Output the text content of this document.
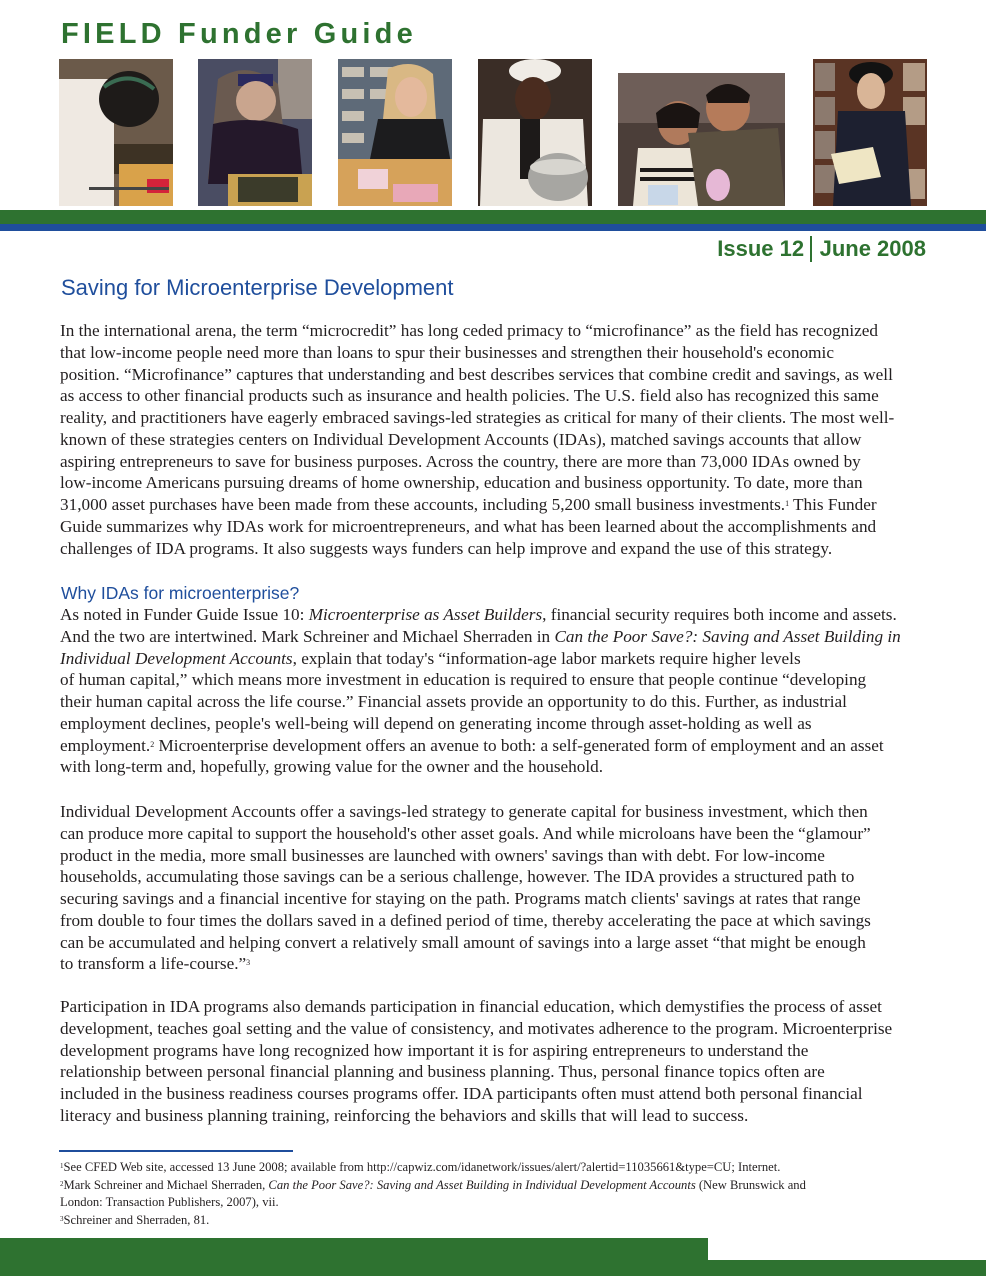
FIELD Funder Guide
Issue 12 June 2008
Saving for Microenterprise Development

In the international arena, the term “microcredit” has long ceded primacy to “microfinance” as the field has recognized
that low-income people need more than loans to spur their businesses and strengthen their household's economic
position. “Microfinance” captures that understanding and best describes services that combine credit and savings, as well
as access to other financial products such as insurance and health policies. The U.S. field also has recognized this same
reality, and practitioners have eagerly embraced savings-led strategies as critical for many of their clients. The most well-
known of these strategies centers on Individual Development Accounts (IDAs), matched savings accounts that allow
aspiring entrepreneurs to save for business purposes. Across the country, there are more than 73,000 IDAs owned by
low-income Americans pursuing dreams of home ownership, education and business opportunity. To date, more than
31,000 asset purchases have been made from these accounts, including 5,200 small business investments.$^1$ This Funder
Guide summarizes why IDAs work for microentrepreneurs, and what has been learned about the accomplishments and
challenges of IDA programs. It also suggests ways funders can help improve and expand the use of this strategy.

Why IDAs for microenterprise?

As noted in Funder Guide Issue 10: Microenterprise as Asset Builders, financial security requires both income and assets.
And the two are intertwined. Mark Schreiner and Michael Sherraden in Can the Poor Save?: Saving and Asset Building in
Individual Development Accounts, explain that today's “information-age labor markets require higher levels
of human capital,” which means more investment in education is required to ensure that people continue “developing
their human capital across the life course.” Financial assets provide an opportunity to do this. Further, as industrial
employment declines, people's well-being will depend on generating income through asset-holding as well as
employment.$^2$ Microenterprise development offers an avenue to both: a self-generated form of employment and an asset
with long-term and, hopefully, growing value for the owner and the household.

Individual Development Accounts offer a savings-led strategy to generate capital for business investment, which then
can produce more capital to support the household's other asset goals. And while microloans have been the “glamour”
product in the media, more small businesses are launched with owners' savings than with debt. For low-income
households, accumulating those savings can be a serious challenge, however. The IDA provides a structured path to
securing savings and a financial incentive for staying on the path. Programs match clients' savings at rates that range
from double to four times the dollars saved in a defined period of time, thereby accelerating the pace at which savings
can be accumulated and helping convert a relatively small amount of savings into a large asset “that might be enough
to transform a life-course.”$^3$

Participation in IDA programs also demands participation in financial education, which demystifies the process of asset
development, teaches goal setting and the value of consistency, and motivates adherence to the program. Microenterprise
development programs have long recognized how important it is for aspiring entrepreneurs to understand the
relationship between personal financial planning and business planning. Thus, personal finance topics often are
included in the business readiness courses programs offer. IDA participants often must attend both personal financial
literacy and business planning training, reinforcing the behaviors and skills that will lead to success.

$^1$See CFED Web site, accessed 13 June 2008; available from http://capwiz.com/idanetwork/issues/alert/?alertid=11035661&type=CU; Internet.
$^2$Mark Schreiner and Michael Sherraden, Can the Poor Save?: Saving and Asset Building in Individual Development Accounts (New Brunswick and
London: Transaction Publishers, 2007), vii.
$^3$Schreiner and Sherraden, 81.
